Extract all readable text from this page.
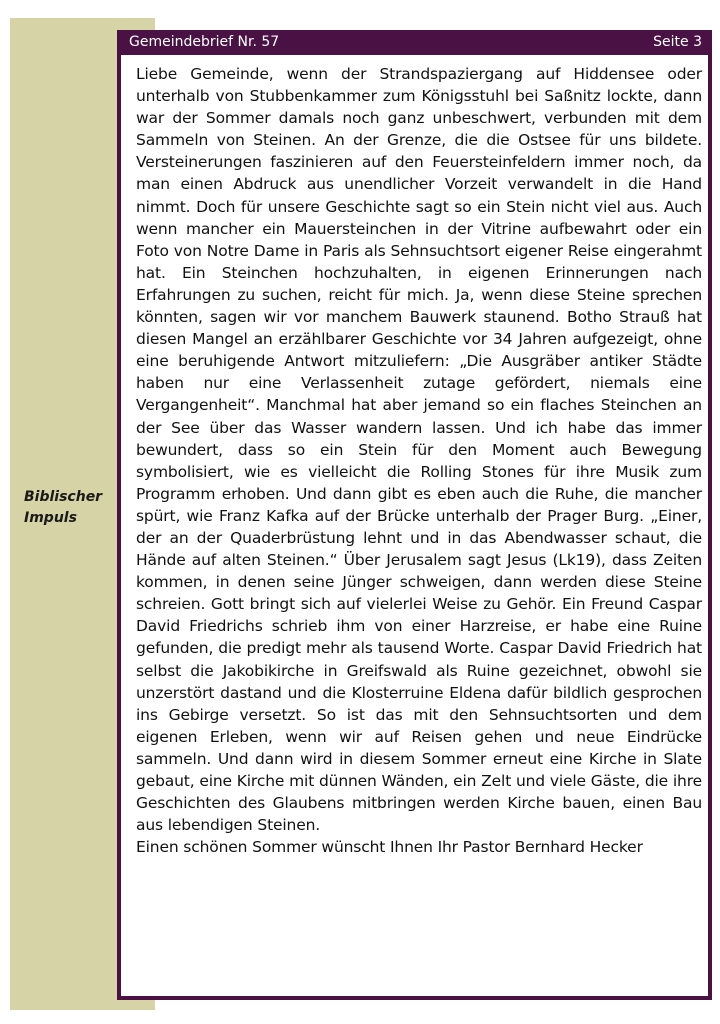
Biblischer
Impuls
Gemeindebrief Nr. 57	Seite 3

Liebe Gemeinde, wenn der Strandspaziergang auf Hiddensee oder unterhalb von Stubbenkammer zum Königsstuhl bei Saßnitz lockte, dann war der Sommer damals noch ganz unbeschwert, verbunden mit dem Sammeln von Steinen. An der Grenze, die die Ostsee für uns bildete. Versteinerungen faszinieren auf den Feuersteinfeldern immer noch, da man einen Abdruck aus unendlicher Vorzeit verwandelt in die Hand nimmt. Doch für unsere Geschichte sagt so ein Stein nicht viel aus. Auch wenn mancher ein Mauersteinchen in der Vitrine aufbewahrt oder ein Foto von Notre Dame in Paris als Sehnsuchtsort eigener Reise eingerahmt hat. Ein Steinchen hochzuhalten, in eigenen Erinnerungen nach Erfahrungen zu suchen, reicht für mich. Ja, wenn diese Steine sprechen könnten, sagen wir vor manchem Bauwerk staunend. Botho Strauß hat diesen Mangel an erzählbarer Geschichte vor 34 Jahren aufgezeigt, ohne eine beruhigende Antwort mitzuliefern: „Die Ausgräber antiker Städte haben nur eine Verlassenheit zutage gefördert, niemals eine Vergangenheit“. Manchmal hat aber jemand so ein flaches Steinchen an der See über das Wasser wandern lassen. Und ich habe das immer bewundert, dass so ein Stein für den Moment auch Bewegung symbolisiert, wie es vielleicht die Rolling Stones für ihre Musik zum Programm erhoben. Und dann gibt es eben auch die Ruhe, die mancher spürt, wie Franz Kafka auf der Brücke unterhalb der Prager Burg. „Einer, der an der Quaderbrüstung lehnt und in das Abendwasser schaut, die Hände auf alten Steinen.“ Über Jerusalem sagt Jesus (Lk19), dass Zeiten kommen, in denen seine Jünger schweigen, dann werden diese Steine schreien. Gott bringt sich auf vielerlei Weise zu Gehör. Ein Freund Caspar David Friedrichs schrieb ihm von einer Harzreise, er habe eine Ruine gefunden, die predigt mehr als tausend Worte. Caspar David Friedrich hat selbst die Jakobikirche in Greifswald als Ruine gezeichnet, obwohl sie unzerstört dastand und die Klosterruine Eldena dafür bildlich gesprochen ins Gebirge versetzt. So ist das mit den Sehnsuchtsorten und dem eigenen Erleben, wenn wir auf Reisen gehen und neue Eindrücke sammeln. Und dann wird in diesem Sommer erneut eine Kirche in Slate gebaut, eine Kirche mit dünnen Wänden, ein Zelt und viele Gäste, die ihre Geschichten des Glaubens mitbringen werden Kirche bauen, einen Bau aus lebendigen Steinen.

Einen schönen Sommer wünscht Ihnen Ihr Pastor Bernhard Hecker
